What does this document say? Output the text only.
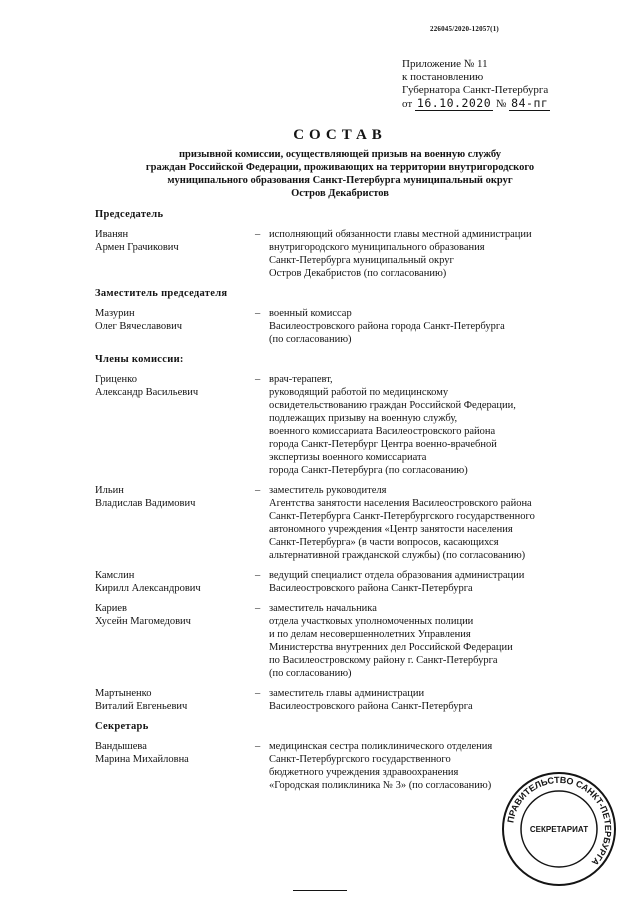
226045/2020-12057(1)
Приложение № 11
к постановлению
Губернатора Санкт-Петербурга
от 16.10.2020 № 84-пг
СОСТАВ
призывной комиссии, осуществляющей призыв на военную службу
граждан Российской Федерации, проживающих на территории внутригородского
муниципального образования Санкт-Петербурга муниципальный округ
Остров Декабристов
Председатель
Иванян
Армен Грачикович
– исполняющий обязанности главы местной администрации
внутригородского муниципального образования
Санкт-Петербурга муниципальный округ
Остров Декабристов (по согласованию)
Заместитель председателя
Мазурин
Олег Вячеславович
– военный комиссар
Василеостровского района города Санкт-Петербурга
(по согласованию)
Члены комиссии:
Гриценко
Александр Васильевич
– врач-терапевт,
руководящий работой по медицинскому
освидетельствованию граждан Российской Федерации,
подлежащих призыву на военную службу,
военного комиссариата Василеостровского района
города Санкт-Петербург Центра военно-врачебной
экспертизы военного комиссариата
города Санкт-Петербурга (по согласованию)
Ильин
Владислав Вадимович
– заместитель руководителя
Агентства занятости населения Василеостровского района
Санкт-Петербурга Санкт-Петербургского государственного
автономного учреждения «Центр занятости населения
Санкт-Петербурга» (в части вопросов, касающихся
альтернативной гражданской службы) (по согласованию)
Камслин
Кирилл Александрович
– ведущий специалист отдела образования администрации
Василеостровского района Санкт-Петербурга
Кариев
Хусейн Магомедович
– заместитель начальника
отдела участковых уполномоченных полиции
и по делам несовершеннолетних Управления
Министерства внутренних дел Российской Федерации
по Василеостровскому району г. Санкт-Петербурга
(по согласованию)
Мартыненко
Виталий Евгеньевич
– заместитель главы администрации
Василеостровского района Санкт-Петербурга
Секретарь
Вандышева
Марина Михайловна
– медицинская сестра поликлинического отделения
Санкт-Петербургского государственного
бюджетного учреждения здравоохранения
«Городская поликлиника № 3» (по согласованию)
ПРАВИТЕЛЬСТВО САНКТ-ПЕТЕРБУРГА
СЕКРЕТАРИАТ
